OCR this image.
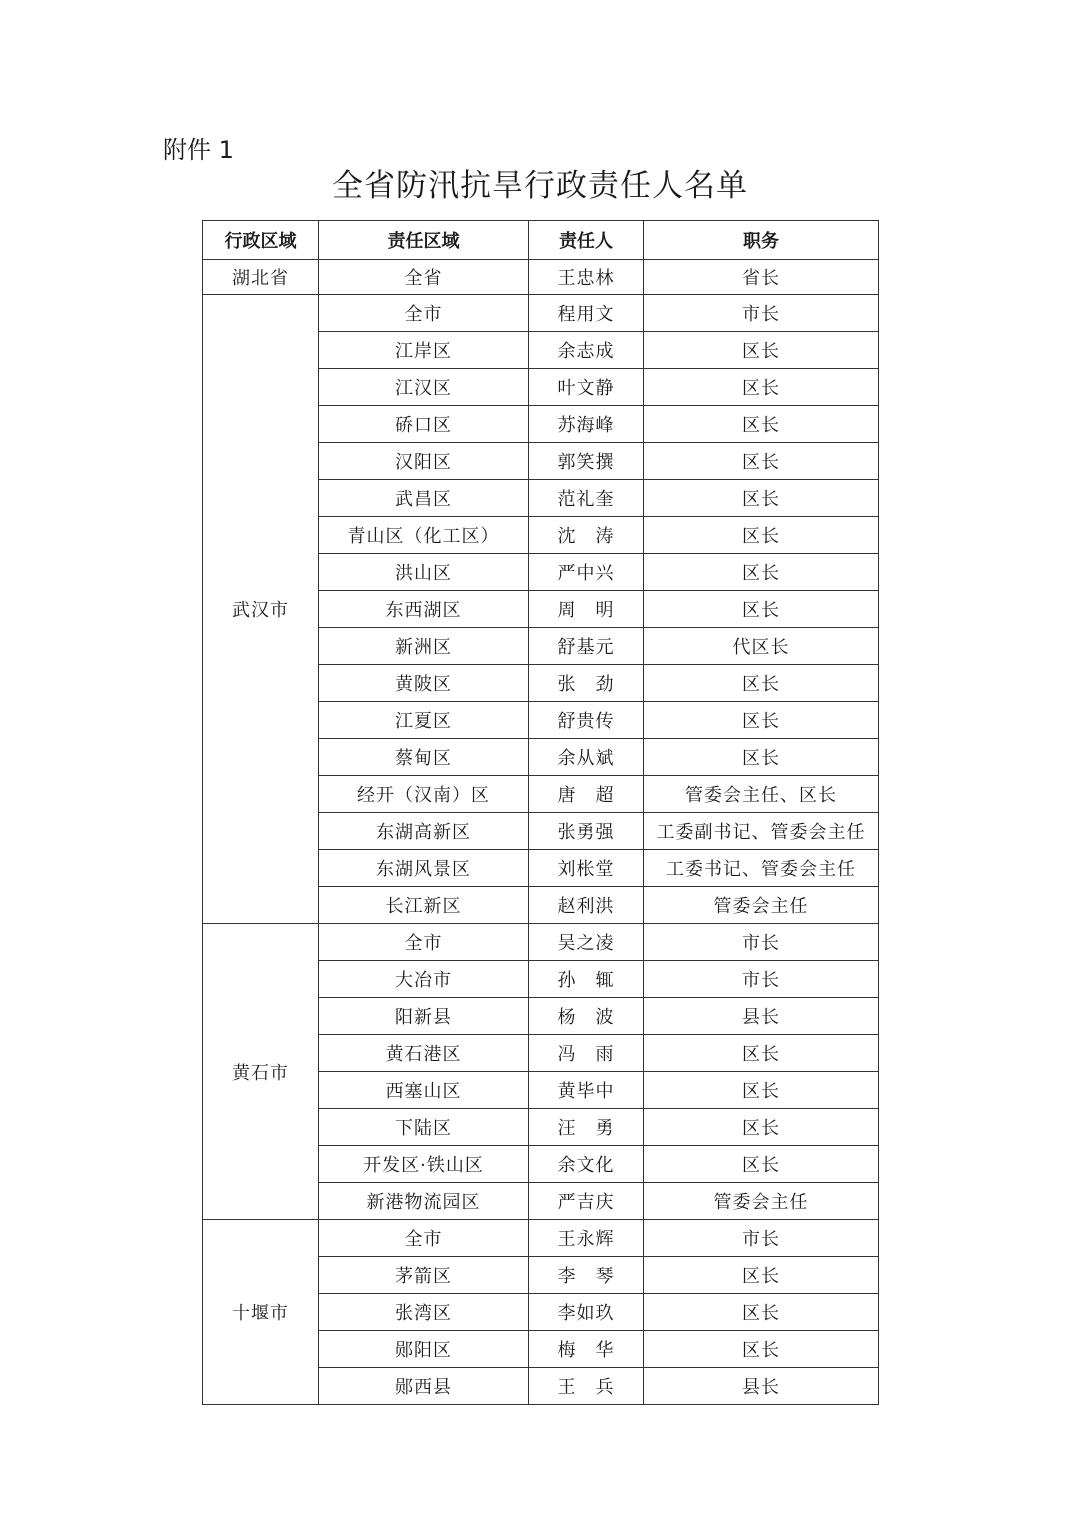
附件 1
全省防汛抗旱行政责任人名单
行政区域	责任区域	责任人	职务
湖北省	全省	王忠林	省长
武汉市	全市	程用文	市长
	江岸区	余志成	区长
	江汉区	叶文静	区长
	硚口区	苏海峰	区长
	汉阳区	郭笑撰	区长
	武昌区	范礼奎	区长
	青山区（化工区）	沈　涛	区长
	洪山区	严中兴	区长
	东西湖区	周　明	区长
	新洲区	舒基元	代区长
	黄陂区	张　劲	区长
	江夏区	舒贵传	区长
	蔡甸区	余从斌	区长
	经开（汉南）区	唐　超	管委会主任、区长
	东湖高新区	张勇强	工委副书记、管委会主任
	东湖风景区	刘枨堂	工委书记、管委会主任
	长江新区	赵利洪	管委会主任
黄石市	全市	吴之凌	市长
	大冶市	孙　辄	市长
	阳新县	杨　波	县长
	黄石港区	冯　雨	区长
	西塞山区	黄毕中	区长
	下陆区	汪　勇	区长
	开发区·铁山区	余文化	区长
	新港物流园区	严吉庆	管委会主任
十堰市	全市	王永辉	市长
	茅箭区	李　琴	区长
	张湾区	李如玖	区长
	郧阳区	梅　华	区长
	郧西县	王　兵	县长
